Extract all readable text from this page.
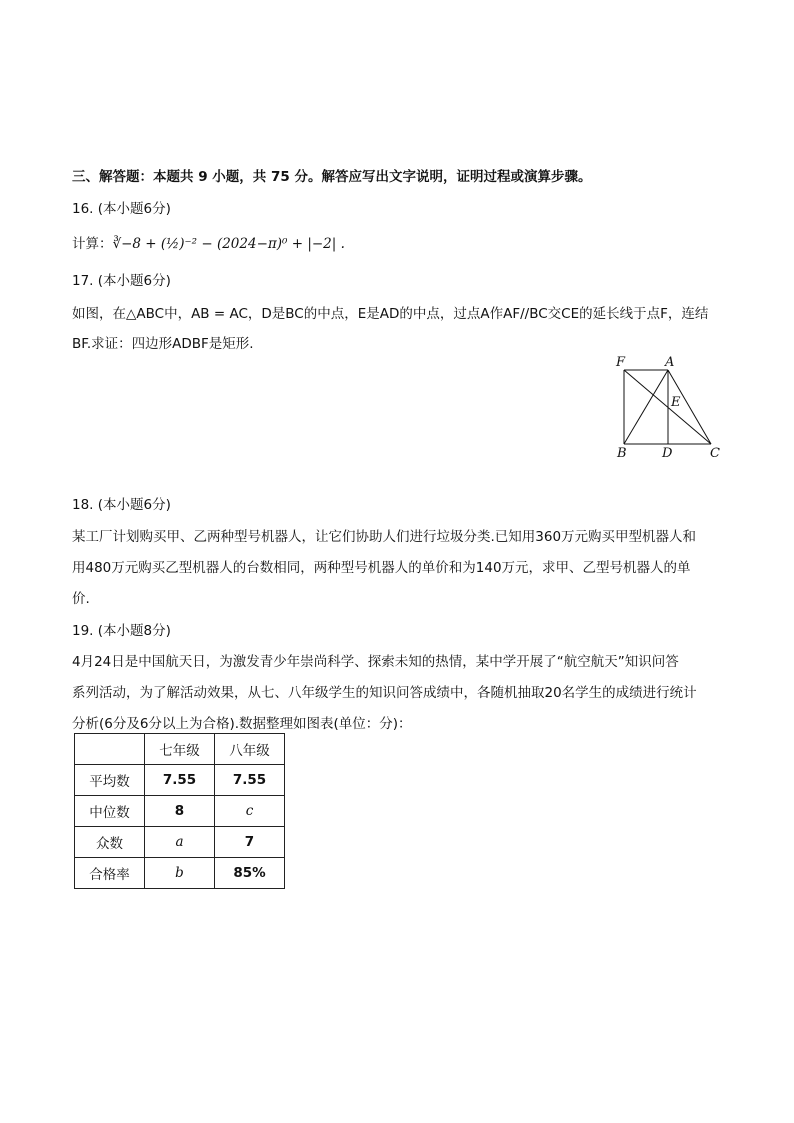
三、解答题：本题共 9 小题，共 75 分。解答应写出文字说明，证明过程或演算步骤。
16. (本小题6分)
计算：∛−8 + (½)⁻² − (2024−π)⁰ + |−2| .
17. (本小题6分)
如图，在△ABC中，AB = AC，D是BC的中点，E是AD的中点，过点A作AF//BC交CE的延长线于点F，连结
BF.求证：四边形ADBF是矩形.
F	A
E
B	D	C
18. (本小题6分)
某工厂计划购买甲、乙两种型号机器人，让它们协助人们进行垃圾分类.已知用360万元购买甲型机器人和
用480万元购买乙型机器人的台数相同，两种型号机器人的单价和为140万元，求甲、乙型号机器人的单
价.
19. (本小题8分)
4月24日是中国航天日，为激发青少年崇尚科学、探索未知的热情，某中学开展了“航空航天”知识问答
系列活动，为了解活动效果，从七、八年级学生的知识问答成绩中，各随机抽取20名学生的成绩进行统计
分析(6分及6分以上为合格).数据整理如图表(单位：分)：
	七年级	八年级
平均数	7.55	7.55
中位数	8	c
众数	a	7
合格率	b	85%
